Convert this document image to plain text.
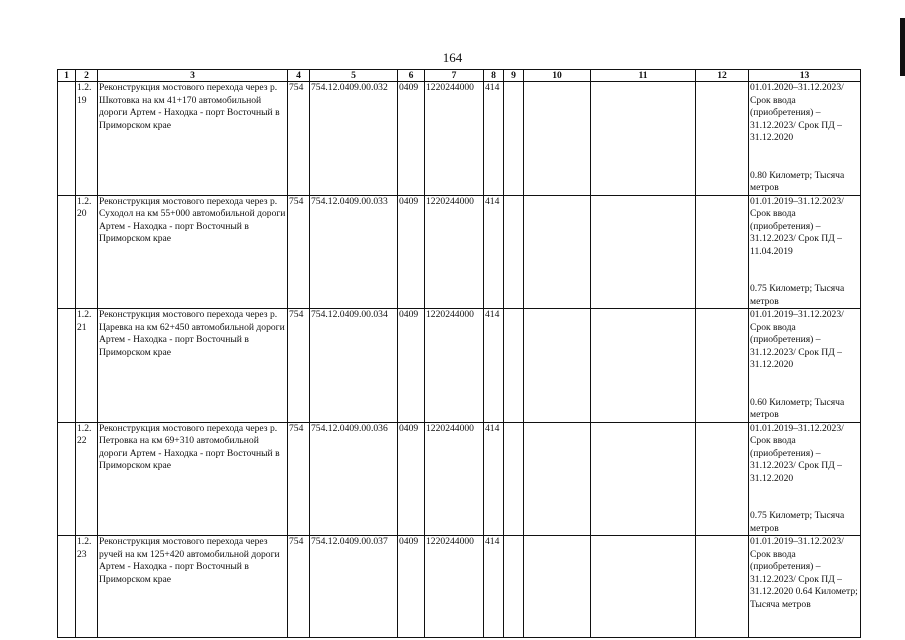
164
1	2	3	4	5	6	7	8	9	10	11	12	13
	1.2.19	Реконструкция мостового перехода через р. Шкотовка на км 41+170 автомобильной дороги Артем - Находка - порт Восточный в Приморском крае	754	754.12.0409.00.032	0409	1220244000	414					01.01.2020–31.12.2023/ Срок ввода (приобретения) – 31.12.2023/ Срок ПД – 31.12.2020
0.80 Километр; Тысяча метров
	1.2.20	Реконструкция мостового перехода через р. Суходол на км 55+000 автомобильной дороги Артем - Находка - порт Восточный в Приморском крае	754	754.12.0409.00.033	0409	1220244000	414					01.01.2019–31.12.2023/ Срок ввода (приобретения) – 31.12.2023/ Срок ПД – 11.04.2019
0.75 Километр; Тысяча метров
	1.2.21	Реконструкция мостового перехода через р. Царевка на км 62+450 автомобильной дороги Артем - Находка - порт Восточный в Приморском крае	754	754.12.0409.00.034	0409	1220244000	414					01.01.2019–31.12.2023/ Срок ввода (приобретения) – 31.12.2023/ Срок ПД – 31.12.2020
0.60 Километр; Тысяча метров
	1.2.22	Реконструкция мостового перехода через р. Петровка на км 69+310 автомобильной дороги Артем - Находка - порт Восточный в Приморском крае	754	754.12.0409.00.036	0409	1220244000	414					01.01.2019–31.12.2023/ Срок ввода (приобретения) – 31.12.2023/ Срок ПД – 31.12.2020
0.75 Километр; Тысяча метров
	1.2.23	Реконструкция мостового перехода через ручей на км 125+420 автомобильной дороги Артем - Находка - порт Восточный в Приморском крае	754	754.12.0409.00.037	0409	1220244000	414					01.01.2019–31.12.2023/ Срок ввода (приобретения) – 31.12.2023/ Срок ПД – 31.12.2020 0.64 Километр; Тысяча метров
